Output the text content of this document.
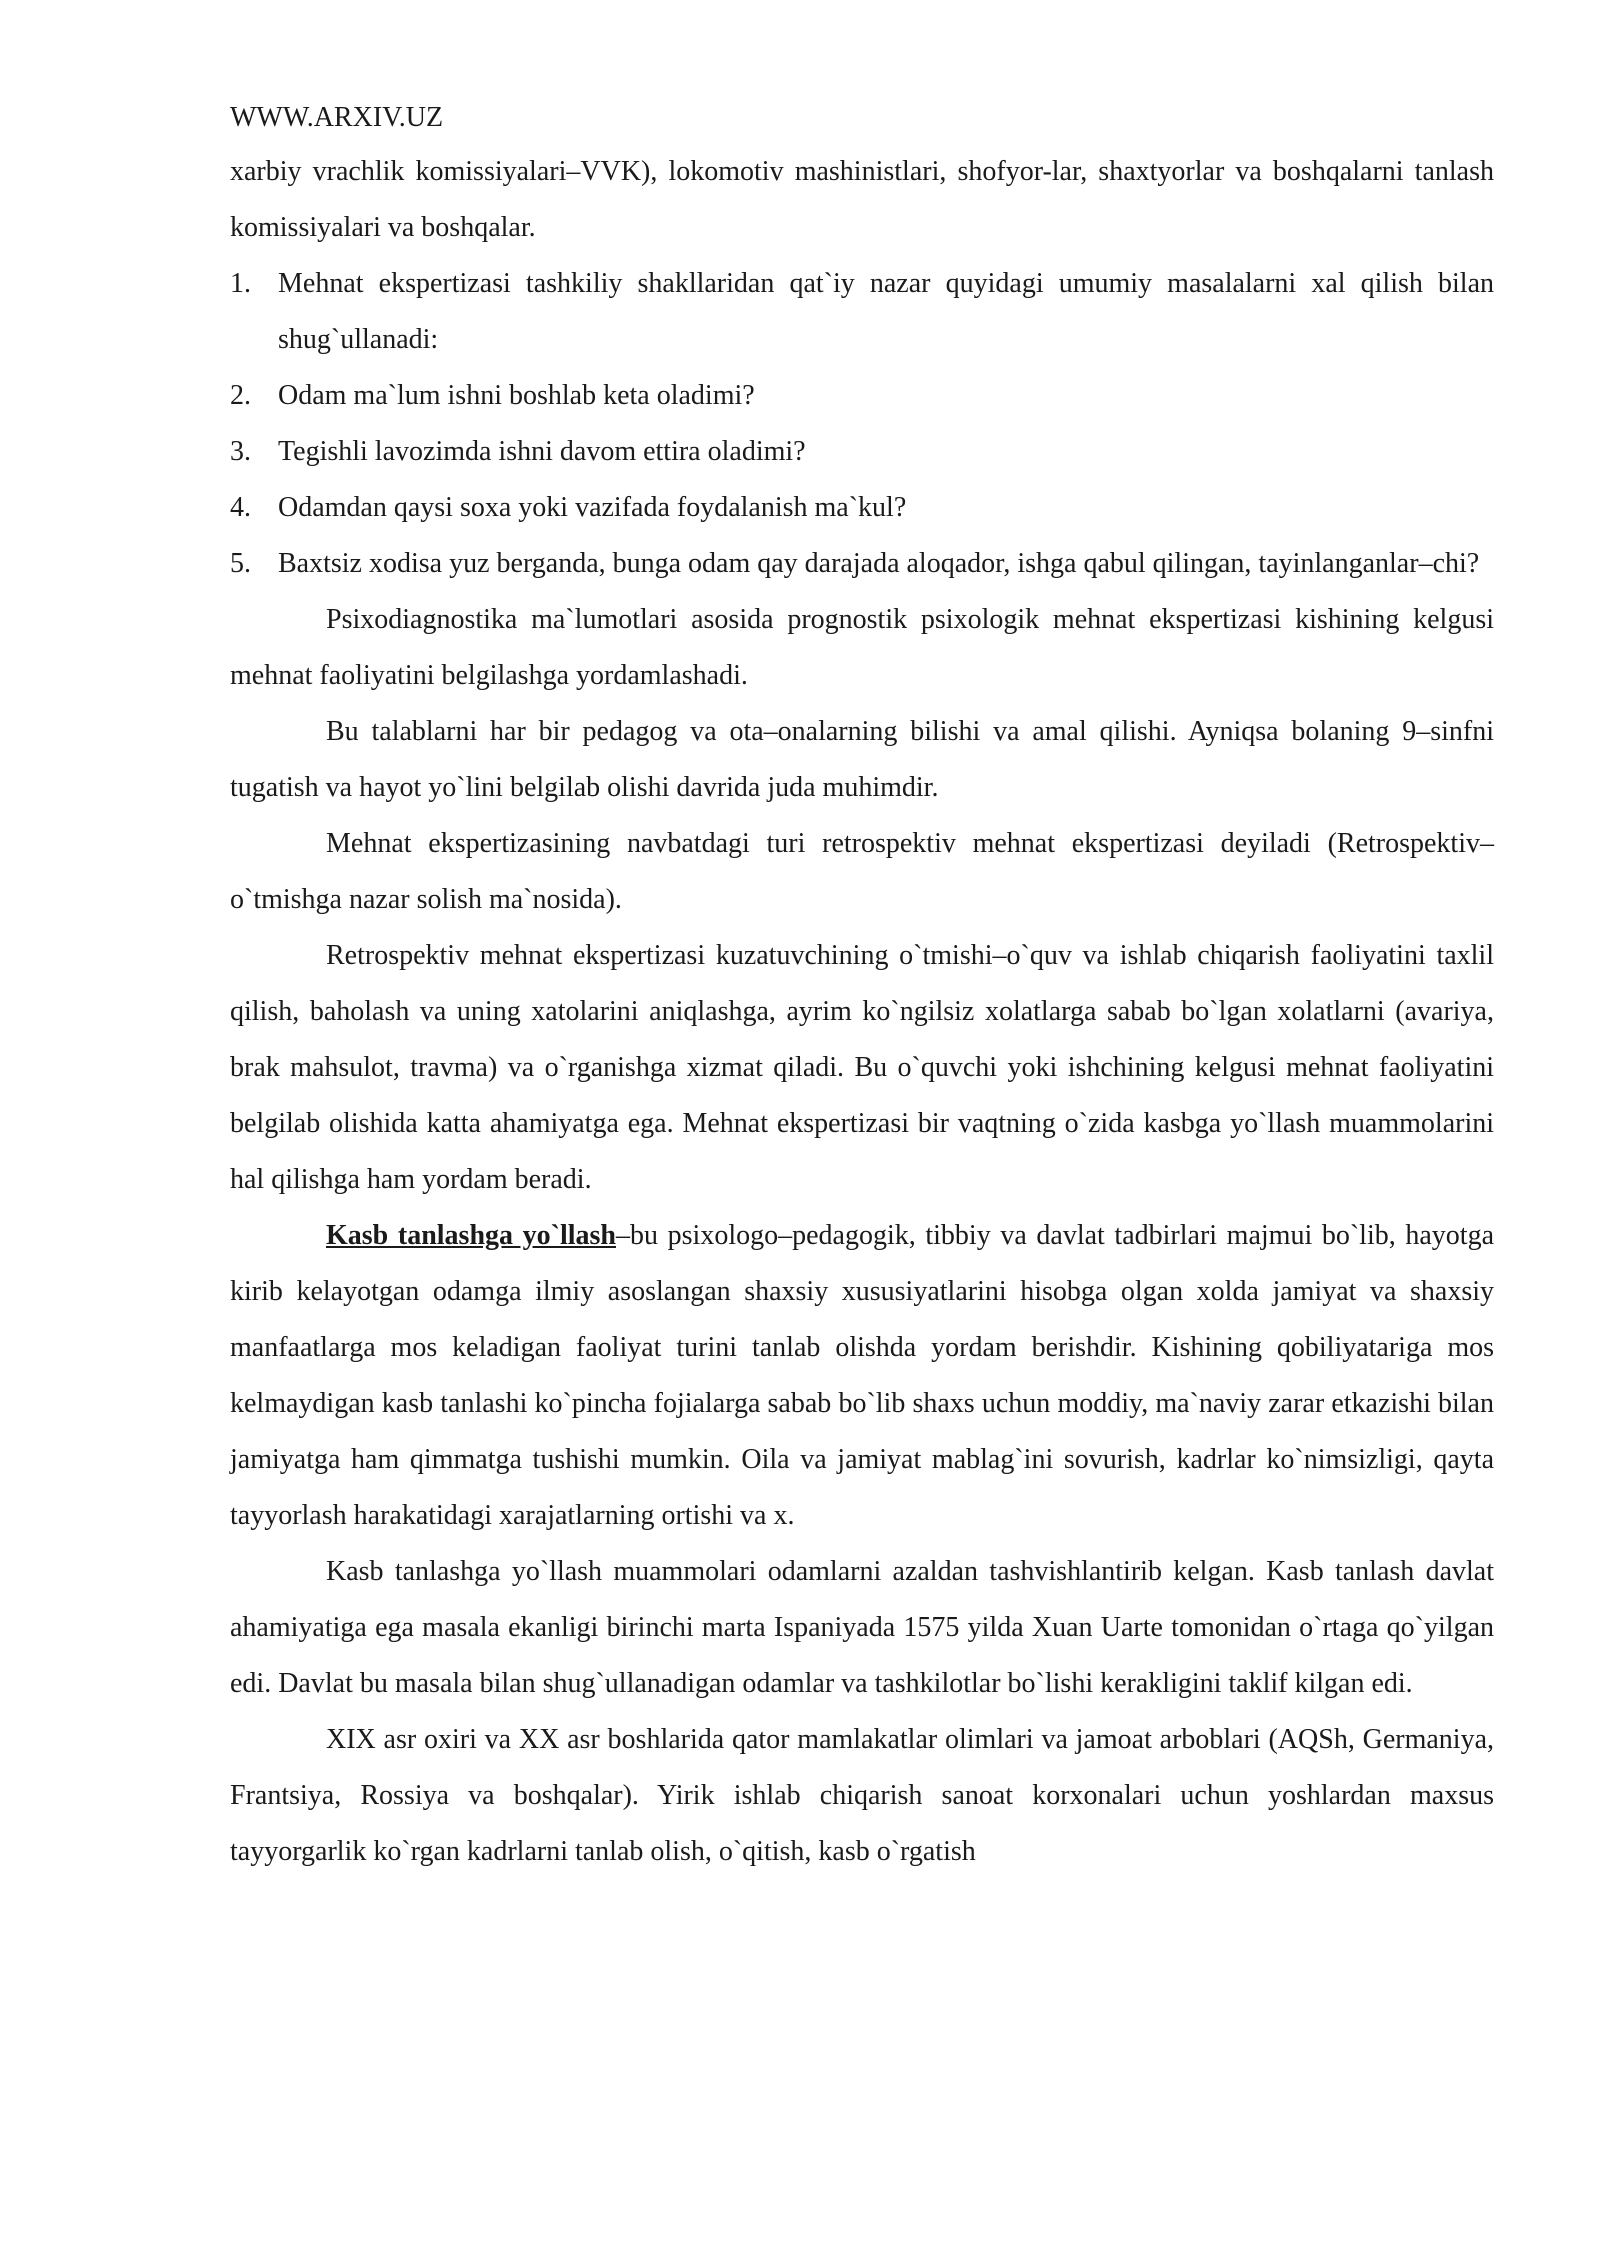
WWW.ARXIV.UZ

xarbiy vrachlik komissiyalari–VVK), lokomotiv mashinistlari, shofyor-lar, shaxtyorlar va boshqalarni tanlash komissiyalari va boshqalar.

1. Mehnat ekspertizasi tashkiliy shakllaridan qat`iy nazar quyidagi umumiy masalalarni xal qilish bilan shug`ullanadi:
2. Odam ma`lum ishni boshlab keta oladimi?
3. Tegishli lavozimda ishni davom ettira oladimi?
4. Odamdan qaysi soxa yoki vazifada foydalanish ma`kul?
5. Baxtsiz xodisa yuz berganda, bunga odam qay darajada aloqador, ishga qabul qilingan, tayinlanganlar–chi?

Psixodiagnostika ma`lumotlari asosida prognostik psixologik mehnat ekspertizasi kishining kelgusi mehnat faoliyatini belgilashga yordamlashadi.

Bu talablarni har bir pedagog va ota–onalarning bilishi va amal qilishi. Ayniqsa bolaning 9–sinfni tugatish va hayot yo`lini belgilab olishi davrida juda muhimdir.

Mehnat ekspertizasining navbatdagi turi retrospektiv mehnat ekspertizasi deyiladi (Retrospektiv–o`tmishga nazar solish ma`nosida).

Retrospektiv mehnat ekspertizasi kuzatuvchining o`tmishi–o`quv va ishlab chiqarish faoliyatini taxlil qilish, baholash va uning xatolarini aniqlashga, ayrim ko`ngilsiz xolatlarga sabab bo`lgan xolatlarni (avariya, brak mahsulot, travma) va o`rganishga xizmat qiladi. Bu o`quvchi yoki ishchining kelgusi mehnat faoliyatini belgilab olishida katta ahamiyatga ega. Mehnat ekspertizasi bir vaqtning o`zida kasbga yo`llash muammolarini hal qilishga ham yordam beradi.

Kasb tanlashga yo`llash–bu psixologo–pedagogik, tibbiy va davlat tadbirlari majmui bo`lib, hayotga kirib kelayotgan odamga ilmiy asoslangan shaxsiy xususiyatlarini hisobga olgan xolda jamiyat va shaxsiy manfaatlarga mos keladigan faoliyat turini tanlab olishda yordam berishdir. Kishining qobiliyatariga mos kelmaydigan kasb tanlashi ko`pincha fojialarga sabab bo`lib shaxs uchun moddiy, ma`naviy zarar etkazishi bilan jamiyatga ham qimmatga tushishi mumkin. Oila va jamiyat mablag`ini sovurish, kadrlar ko`nimsizligi, qayta tayyorlash harakatidagi xarajatlarning ortishi va x.

Kasb tanlashga yo`llash muammolari odamlarni azaldan tashvishlantirib kelgan. Kasb tanlash davlat ahamiyatiga ega masala ekanligi birinchi marta Ispaniyada 1575 yilda Xuan Uarte tomonidan o`rtaga qo`yilgan edi. Davlat bu masala bilan shug`ullanadigan odamlar va tashkilotlar bo`lishi kerakligini taklif kilgan edi.

XIX asr oxiri va XX asr boshlarida qator mamlakatlar olimlari va jamoat arboblari (AQSh, Germaniya, Frantsiya, Rossiya va boshqalar). Yirik ishlab chiqarish sanoat korxonalari uchun yoshlardan maxsus tayyorgarlik ko`rgan kadrlarni tanlab olish, o`qitish, kasb o`rgatish
